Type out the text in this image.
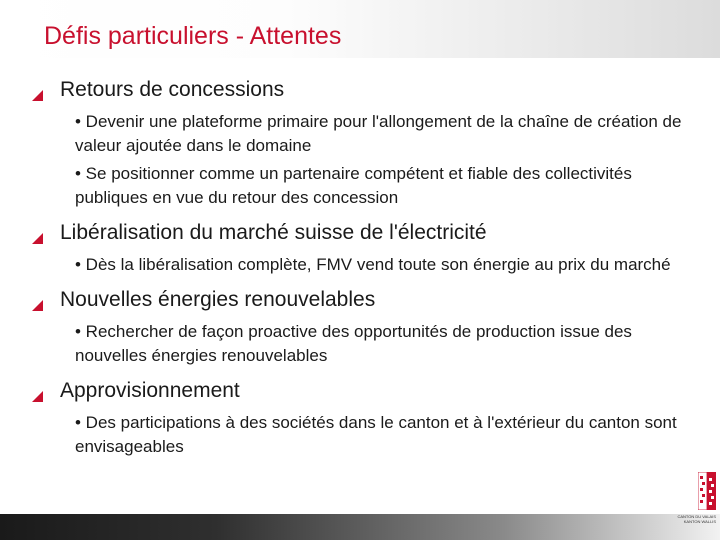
Défis particuliers - Attentes
Retours de concessions
• Devenir une plateforme primaire pour l'allongement de la chaîne de création de valeur ajoutée dans le domaine
• Se positionner comme un partenaire compétent et fiable des collectivités publiques en vue du retour des concession
Libéralisation du marché suisse de l'électricité
• Dès la libéralisation complète, FMV vend toute son énergie au prix du marché
Nouvelles énergies renouvelables
• Rechercher de façon proactive des opportunités de production issue des nouvelles énergies renouvelables
Approvisionnement
• Des participations à des sociétés dans le canton et à l'extérieur du canton sont envisageables
CANTON DU VALAIS
KANTON WALLIS
